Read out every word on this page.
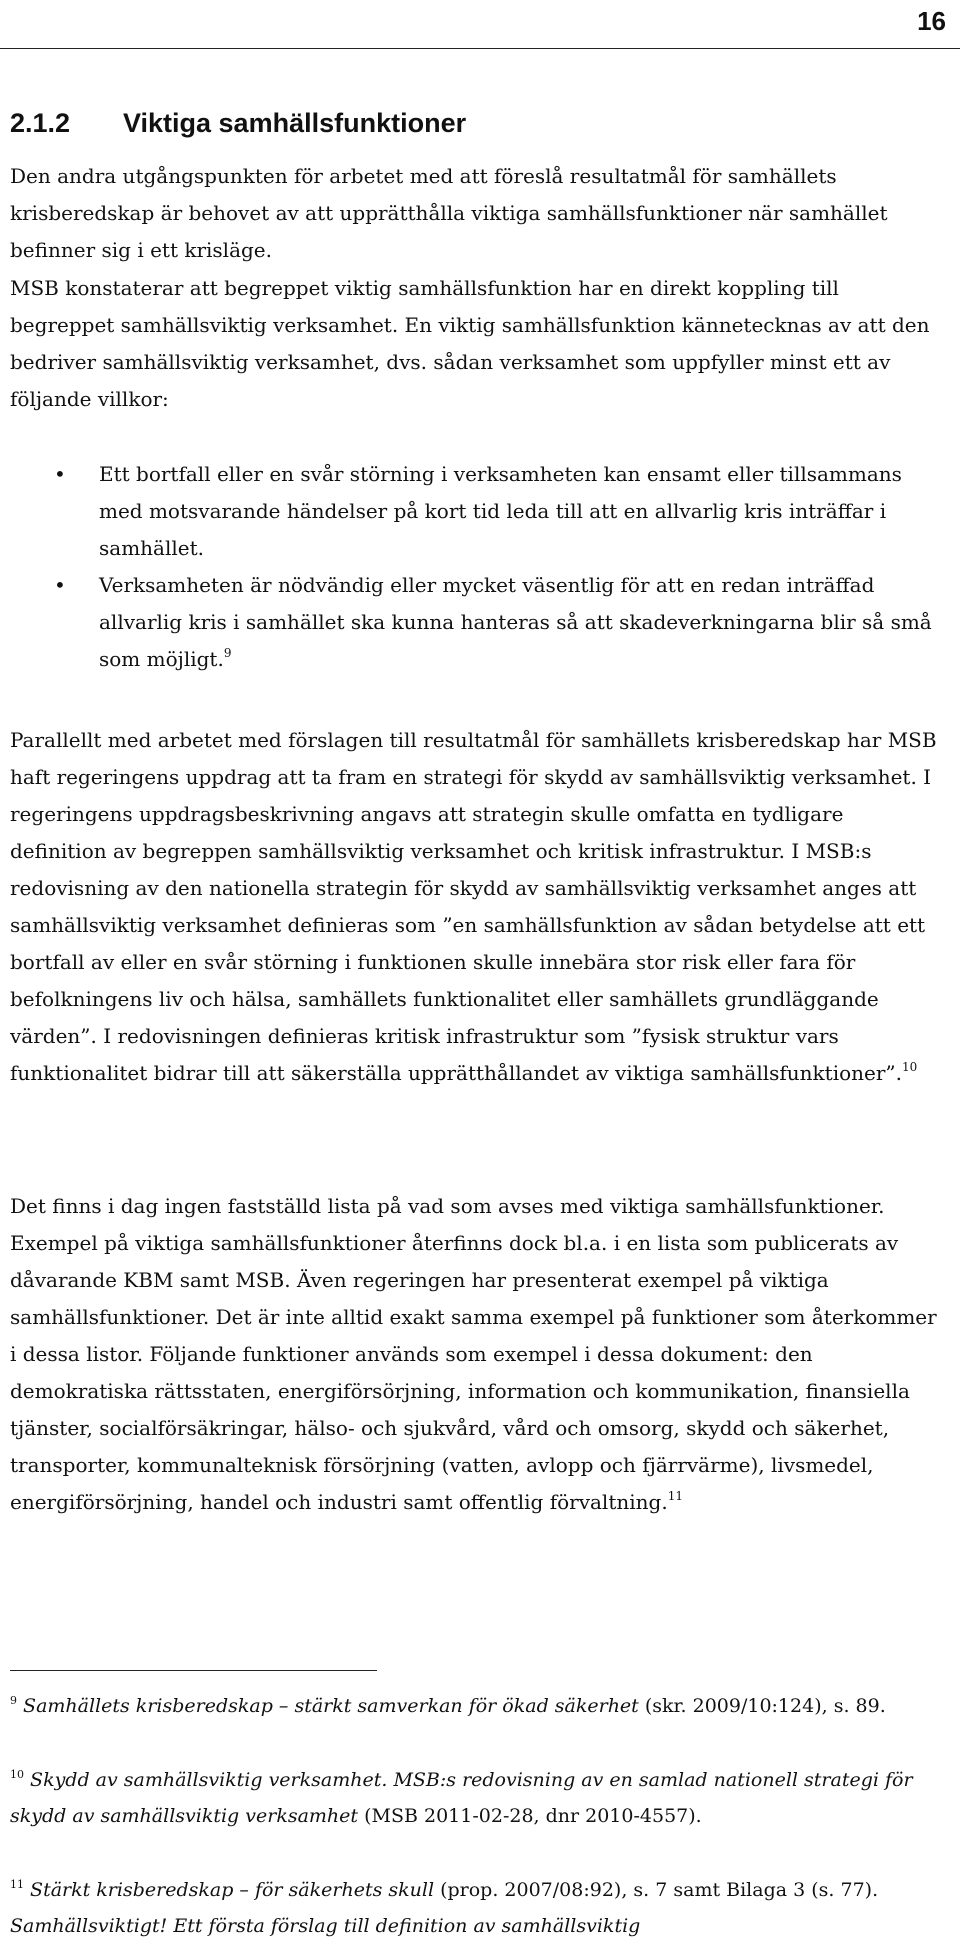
16
2.1.2 Viktiga samhällsfunktioner

Den andra utgångspunkten för arbetet med att föreslå resultatmål för samhällets krisberedskap är behovet av att upprätthålla viktiga samhällsfunktioner när samhället befinner sig i ett krisläge.

MSB konstaterar att begreppet viktig samhällsfunktion har en direkt koppling till begreppet samhällsviktig verksamhet. En viktig samhällsfunktion kännetecknas av att den bedriver samhällsviktig verksamhet, dvs. sådan verksamhet som uppfyller minst ett av följande villkor:

• Ett bortfall eller en svår störning i verksamheten kan ensamt eller tillsammans med motsvarande händelser på kort tid leda till att en allvarlig kris inträffar i samhället.
• Verksamheten är nödvändig eller mycket väsentlig för att en redan inträffad allvarlig kris i samhället ska kunna hanteras så att skadeverkningarna blir så små som möjligt.$^9$

Parallellt med arbetet med förslagen till resultatmål för samhällets krisberedskap har MSB haft regeringens uppdrag att ta fram en strategi för skydd av samhällsviktig verksamhet. I regeringens uppdragsbeskrivning angavs att strategin skulle omfatta en tydligare definition av begreppen samhällsviktig verksamhet och kritisk infrastruktur. I MSB:s redovisning av den nationella strategin för skydd av samhällsviktig verksamhet anges att samhällsviktig verksamhet definieras som ”en samhällsfunktion av sådan betydelse att ett bortfall av eller en svår störning i funktionen skulle innebära stor risk eller fara för befolkningens liv och hälsa, samhällets funktionalitet eller samhällets grundläggande värden”. I redovisningen definieras kritisk infrastruktur som ”fysisk struktur vars funktionalitet bidrar till att säkerställa upprätthållandet av viktiga samhällsfunktioner”.$^{10}$

Det finns i dag ingen fastställd lista på vad som avses med viktiga samhällsfunktioner. Exempel på viktiga samhällsfunktioner återfinns dock bl.a. i en lista som publicerats av dåvarande KBM samt MSB. Även regeringen har presenterat exempel på viktiga samhällsfunktioner. Det är inte alltid exakt samma exempel på funktioner som återkommer i dessa listor. Följande funktioner används som exempel i dessa dokument: den demokratiska rättsstaten, energiförsörjning, information och kommunikation, finansiella tjänster, socialförsäkringar, hälso- och sjukvård, vård och omsorg, skydd och säkerhet, transporter, kommunalteknisk försörjning (vatten, avlopp och fjärrvärme), livsmedel, energiförsörjning, handel och industri samt offentlig förvaltning.$^{11}$

$^9$ Samhällets krisberedskap – stärkt samverkan för ökad säkerhet (skr. 2009/10:124), s. 89.

$^{10}$ Skydd av samhällsviktig verksamhet. MSB:s redovisning av en samlad nationell strategi för skydd av samhällsviktig verksamhet (MSB 2011-02-28, dnr 2010-4557).

$^{11}$ Stärkt krisberedskap – för säkerhets skull (prop. 2007/08:92), s. 7 samt Bilaga 3 (s. 77). Samhällsviktigt! Ett första förslag till definition av samhällsviktig
